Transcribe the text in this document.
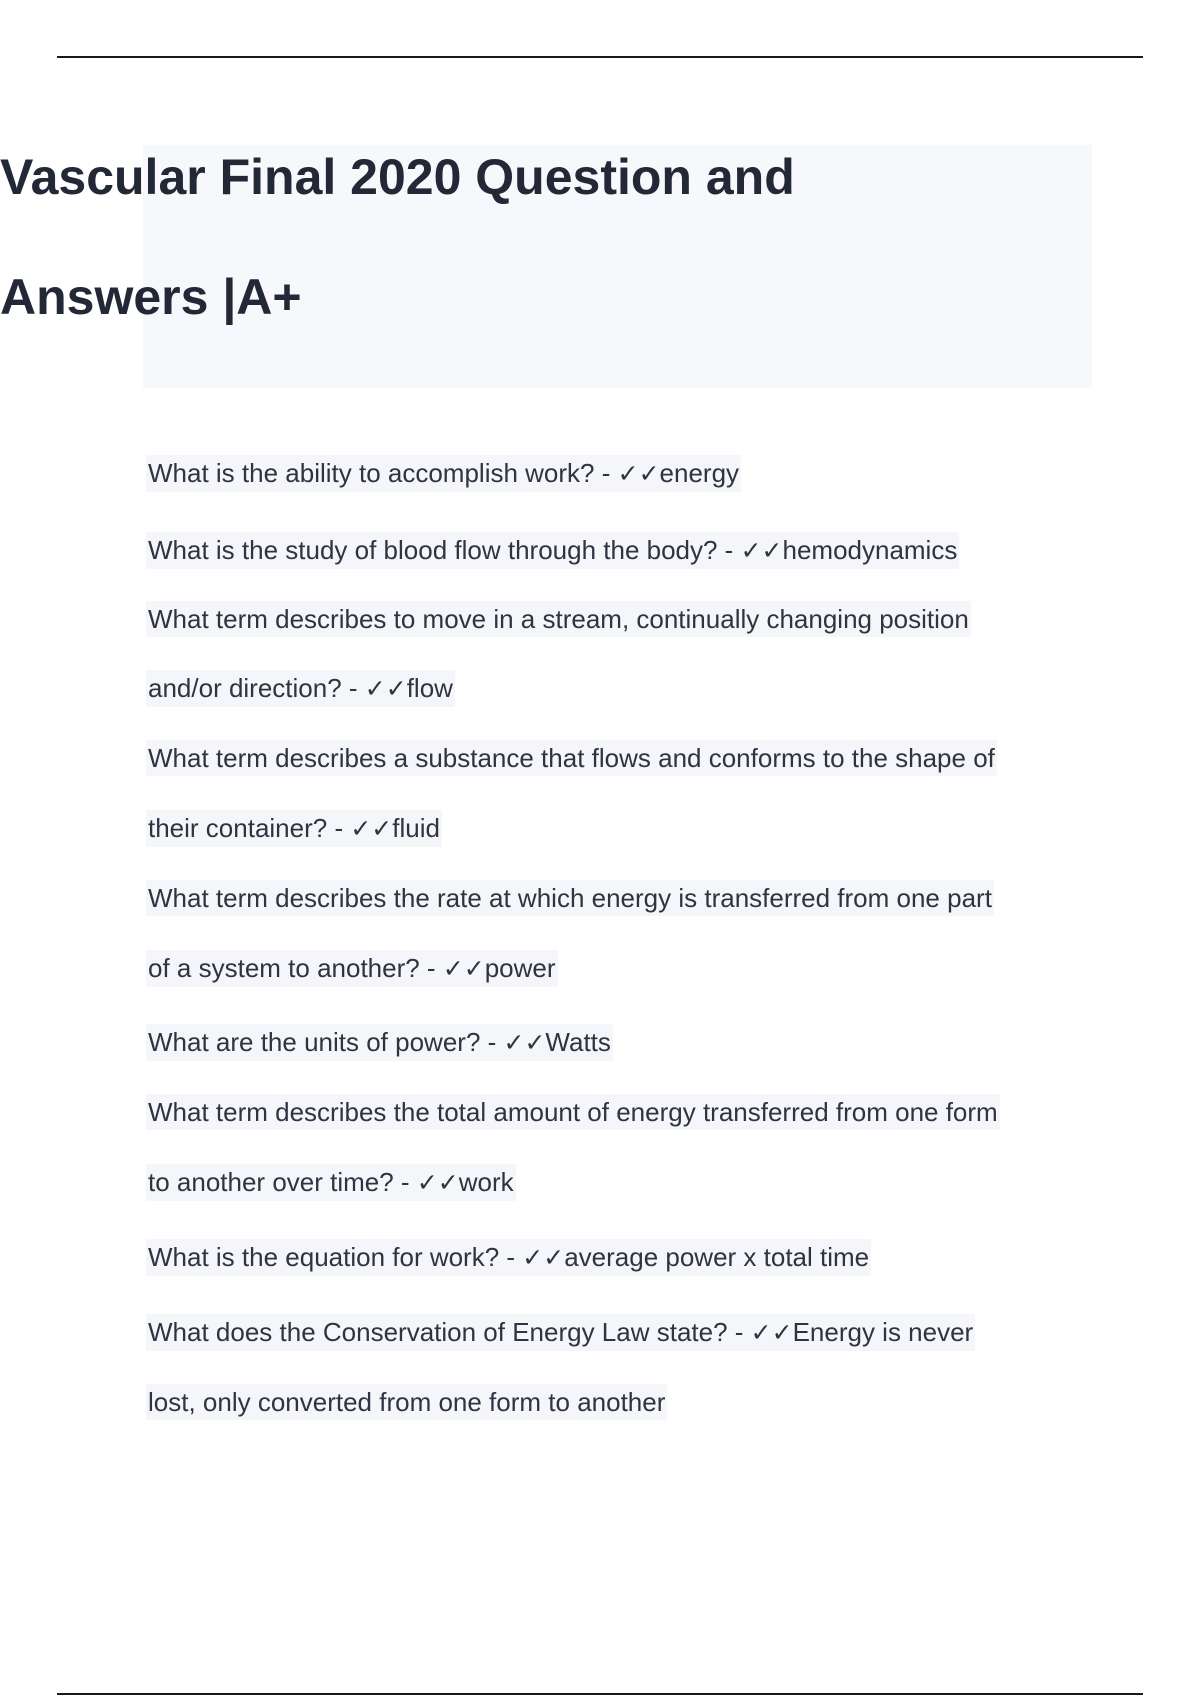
Vascular Final 2020 Question and
Answers |A+
What is the ability to accomplish work? - ✓✓energy
What is the study of blood flow through the body? - ✓✓hemodynamics
What term describes to move in a stream, continually changing position
and/or direction? - ✓✓flow
What term describes a substance that flows and conforms to the shape of
their container? - ✓✓fluid
What term describes the rate at which energy is transferred from one part
of a system to another? - ✓✓power
What are the units of power? - ✓✓Watts
What term describes the total amount of energy transferred from one form
to another over time? - ✓✓work
What is the equation for work? - ✓✓average power x total time
What does the Conservation of Energy Law state? - ✓✓Energy is never
lost, only converted from one form to another
